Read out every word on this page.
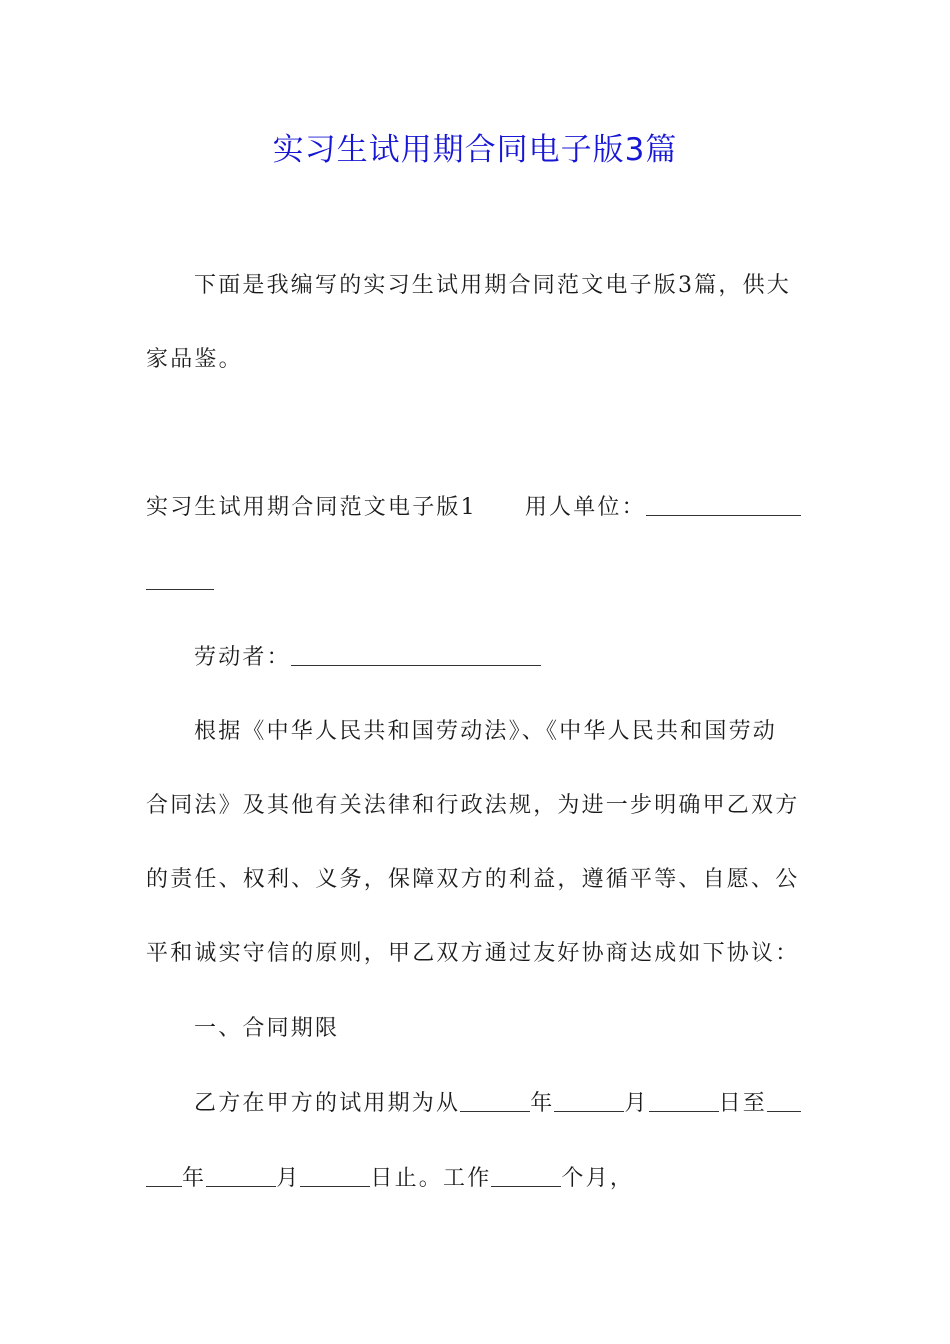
实习生试用期合同电子版3篇
下面是我编写的实习生试用期合同范文电子版3篇，供大
家品鉴。
实习生试用期合同范文电子版1 用人单位：
劳动者：
根据《中华人民共和国劳动法》、《中华人民共和国劳动
合同法》及其他有关法律和行政法规，为进一步明确甲乙双方
的责任、权利、义务，保障双方的利益，遵循平等、自愿、公
平和诚实守信的原则，甲乙双方通过友好协商达成如下协议：
一、合同期限
乙方在甲方的试用期为从	年	月	日至
年	月	日止。工作	个月，
